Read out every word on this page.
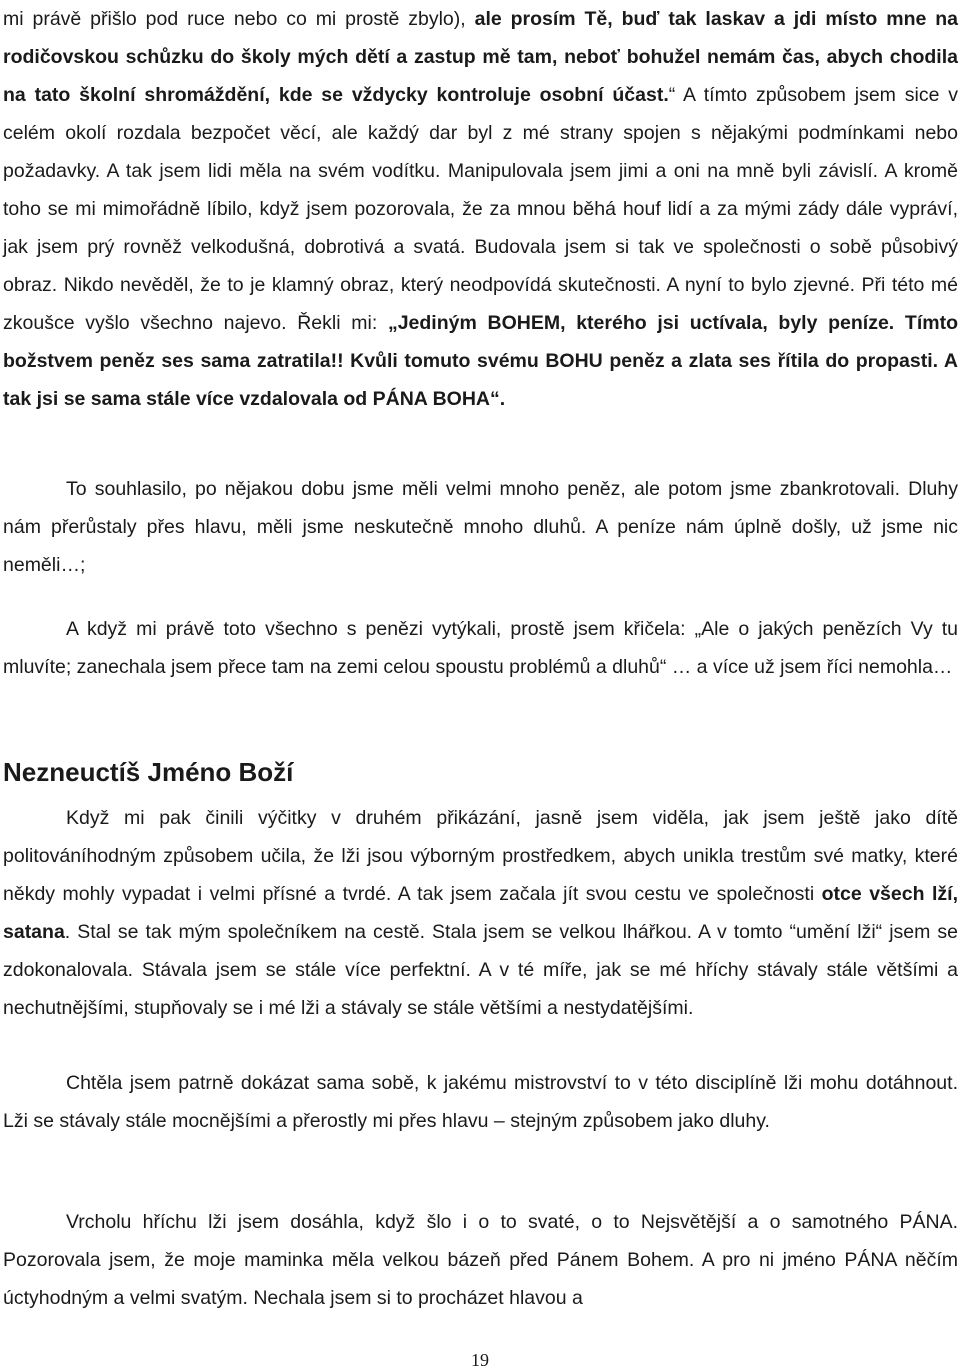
mi právě přišlo pod ruce nebo co mi prostě zbylo), ale prosím Tě, buď tak laskav a jdi místo mne na rodičovskou schůzku do školy mých dětí a zastup mě tam, neboť bohužel nemám čas, abych chodila na tato školní shromáždění, kde se vždycky kontroluje osobní účast.“ A tímto způsobem jsem sice v celém okolí rozdala bezpočet věcí, ale každý dar byl z mé strany spojen s nějakými podmínkami nebo požadavky. A tak jsem lidi měla na svém vodítku. Manipulovala jsem jimi a oni na mně byli závislí. A kromě toho se mi mimořádně líbilo, když jsem pozorovala, že za mnou běhá houf lidí a za mými zády dále vypráví, jak jsem prý rovněž velkodušná, dobrotivá a svatá. Budovala jsem si tak ve společnosti o sobě působivý obraz. Nikdo nevěděl, že to je klamný obraz, který neodpovídá skutečnosti. A nyní to bylo zjevné. Při této mé zkoušce vyšlo všechno najevo. Řekli mi: „Jediným BOHEM, kterého jsi uctívala, byly peníze. Tímto božstvem peněz ses sama zatratila!! Kvůli tomuto svému BOHU peněz a zlata ses řítila do propasti. A tak jsi se sama stále více vzdalovala od PÁNA BOHA“.

To souhlasilo, po nějakou dobu jsme měli velmi mnoho peněz, ale potom jsme zbankrotovali. Dluhy nám přerůstaly přes hlavu, měli jsme neskutečně mnoho dluhů. A peníze nám úplně došly, už jsme nic neměli…;

A když mi právě toto všechno s penězi vytýkali, prostě jsem křičela: „Ale o jakých penězích Vy tu mluvíte; zanechala jsem přece tam na zemi celou spoustu problémů a dluhů“ … a více už jsem říci nemohla…

Nezneuctíš Jméno Boží

Když mi pak činili výčitky v druhém přikázání, jasně jsem viděla, jak jsem ještě jako dítě politováníhodným způsobem učila, že lži jsou výborným prostředkem, abych unikla trestům své matky, které někdy mohly vypadat i velmi přísné a tvrdé. A tak jsem začala jít svou cestu ve společnosti otce všech lží, satana. Stal se tak mým společníkem na cestě. Stala jsem se velkou lhářkou. A v tomto “umění lži“ jsem se zdokonalovala. Stávala jsem se stále více perfektní. A v té míře, jak se mé hříchy stávaly stále většími a nechutnějšími, stupňovaly se i mé lži a stávaly se stále většími a nestydatějšími.

Chtěla jsem patrně dokázat sama sobě, k jakému mistrovství to v této disciplíně lži mohu dotáhnout. Lži se stávaly stále mocnějšími a přerostly mi přes hlavu – stejným způsobem jako dluhy.

Vrcholu hříchu lži jsem dosáhla, když šlo i o to svaté, o to Nejsvětější a o samotného PÁNA. Pozorovala jsem, že moje maminka měla velkou bázeň před Pánem Bohem. A pro ni jméno PÁNA něčím úctyhodným a velmi svatým. Nechala jsem si to procházet hlavou a

19
